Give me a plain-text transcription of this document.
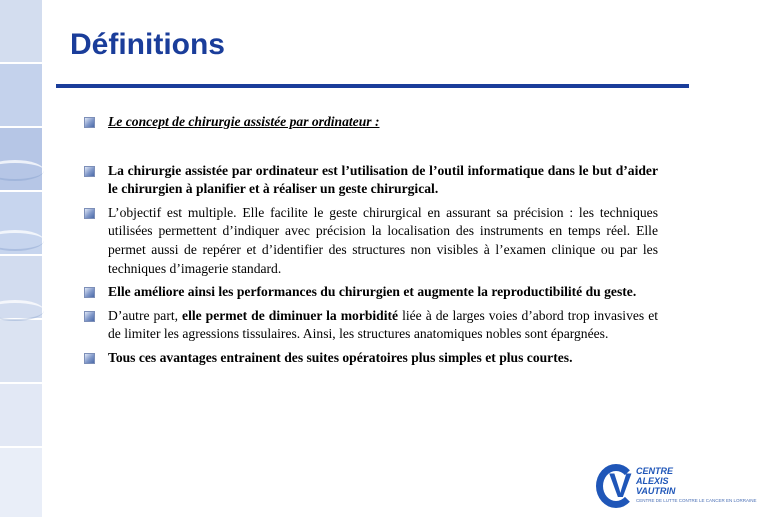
Définitions
Le concept de chirurgie assistée par ordinateur :
La chirurgie assistée par ordinateur est l’utilisation de l’outil informatique dans le but d’aider le chirurgien à planifier et à réaliser un geste chirurgical.
L’objectif est multiple. Elle facilite le geste chirurgical en assurant sa précision : les techniques utilisées permettent d’indiquer avec précision la localisation des instruments en temps réel. Elle permet aussi de repérer et d’identifier des structures non visibles à l’examen clinique ou par les techniques d’imagerie standard.
Elle améliore ainsi les performances du chirurgien et augmente la reproductibilité du geste.
D’autre part, elle permet de diminuer la morbidité liée à de larges voies d’abord trop invasives et de limiter les agressions tissulaires. Ainsi, les structures anatomiques nobles sont épargnées.
Tous ces avantages entrainent des suites opératoires plus simples et plus courtes.
V CENTRE
ALEXIS
VAUTRIN
CENTRE DE LUTTE CONTRE LE CANCER EN LORRAINE
